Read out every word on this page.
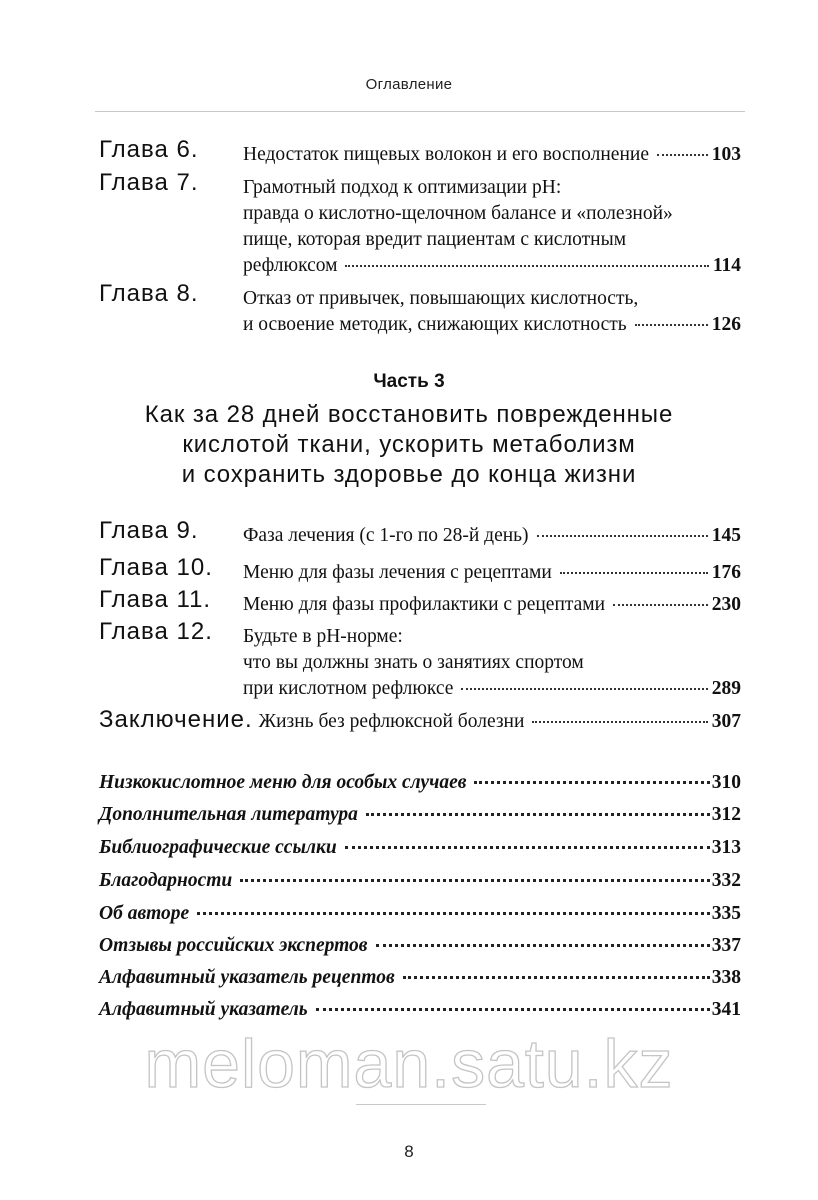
Оглавление
Глава 6. Недостаток пищевых волокон и его восполнение	103
Глава 7. Грамотный подход к оптимизации pH:
правда о кислотно-щелочном балансе и «полезной»
пище, которая вредит пациентам с кислотным
рефлюксом	114
Глава 8. Отказ от привычек, повышающих кислотность,
и освоение методик, снижающих кислотность	126
Часть 3
Как за 28 дней восстановить поврежденные
кислотой ткани, ускорить метаболизм
и сохранить здоровье до конца жизни
Глава 9. Фаза лечения (с 1-го по 28-й день)	145
Глава 10. Меню для фазы лечения с рецептами	176
Глава 11. Меню для фазы профилактики с рецептами	230
Глава 12. Будьте в pH-норме:
что вы должны знать о занятиях спортом
при кислотном рефлюксе	289
Заключение. Жизнь без рефлюксной болезни	307
Низкокислотное меню для особых случаев	310
Дополнительная литература	312
Библиографические ссылки	313
Благодарности	332
Об авторе	335
Отзывы российских экспертов	337
Алфавитный указатель рецептов	338
Алфавитный указатель	341
meloman.satu.kz
8
